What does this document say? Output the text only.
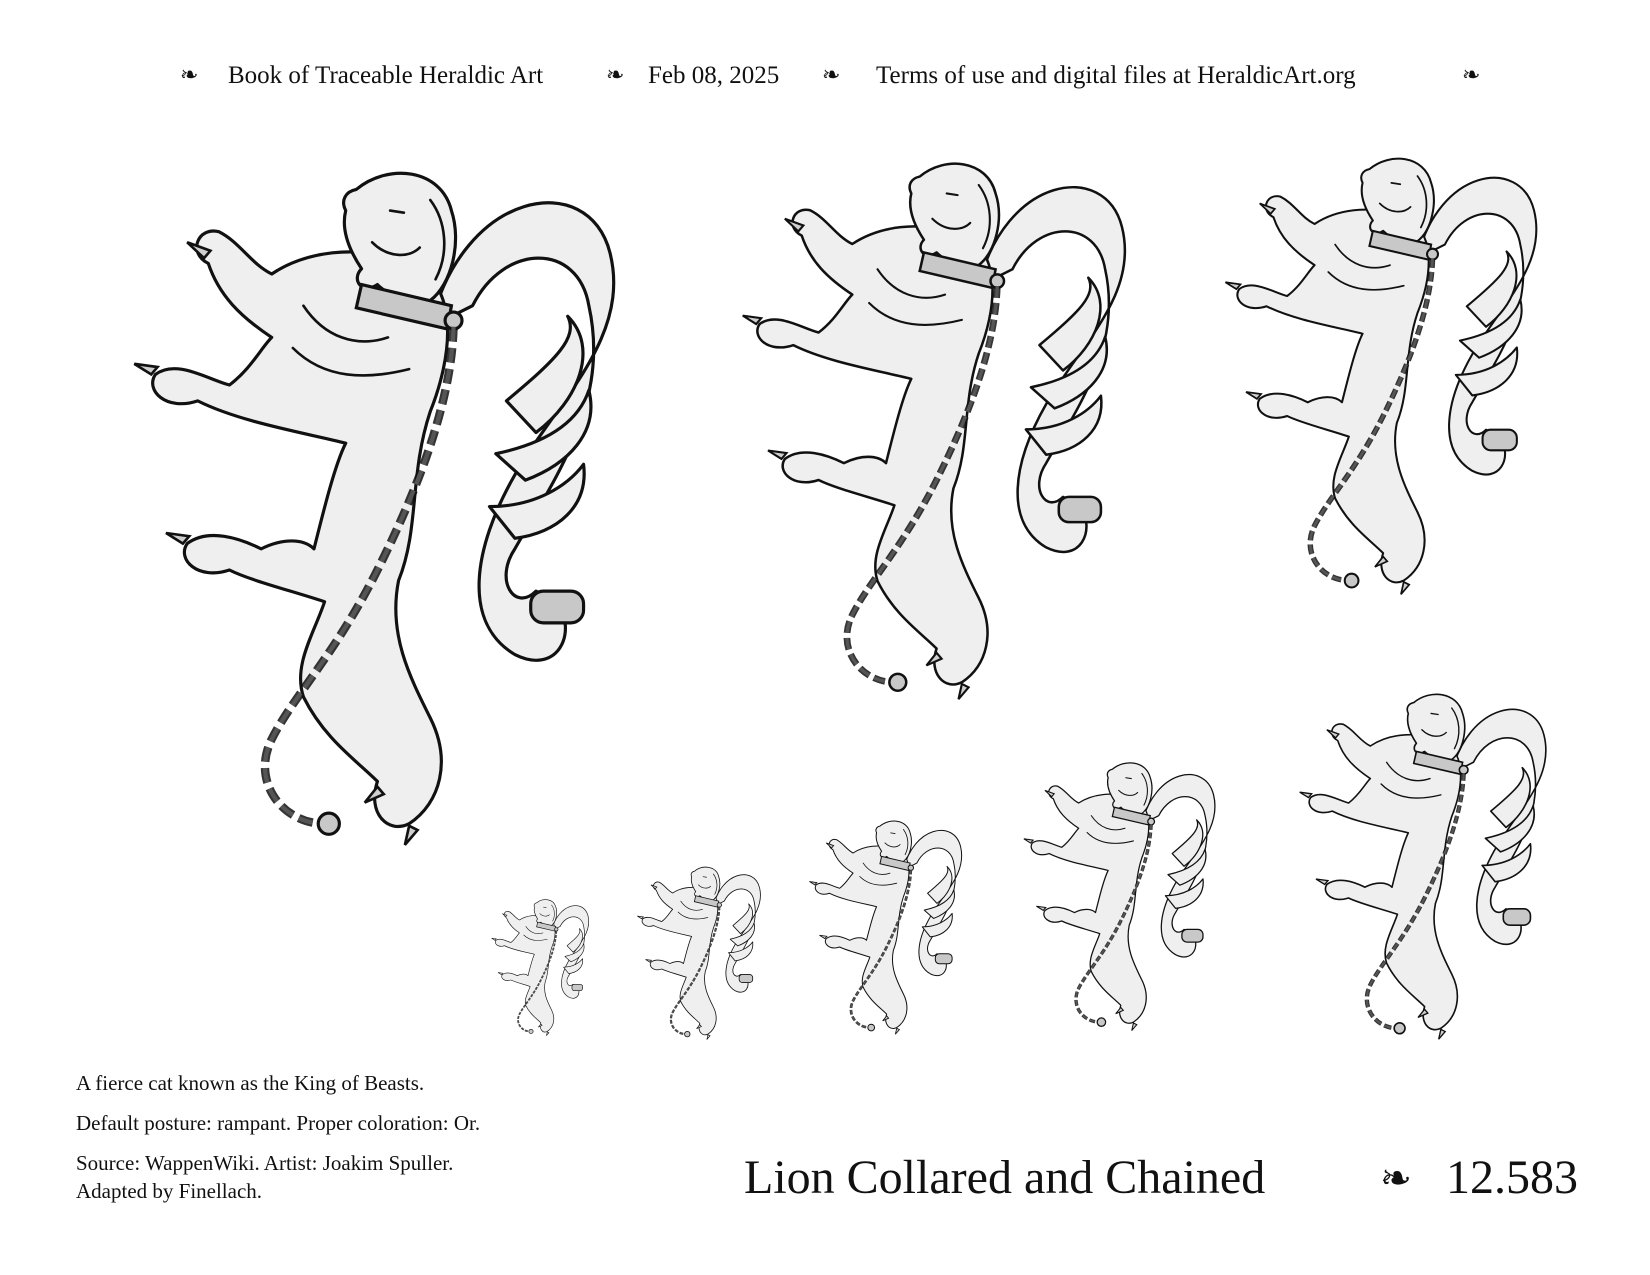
❧ Book of Traceable Heraldic Art	❧ Feb 08, 2025 ❧ Terms of use and digital files at HeraldicArt.org	❧
A fierce cat known as the King of Beasts.
Default posture: rampant. Proper coloration: Or.
Source: WappenWiki. Artist: Joakim Spuller.
Adapted by Finellach.	Lion Collared and Chained	❧ 12.583
